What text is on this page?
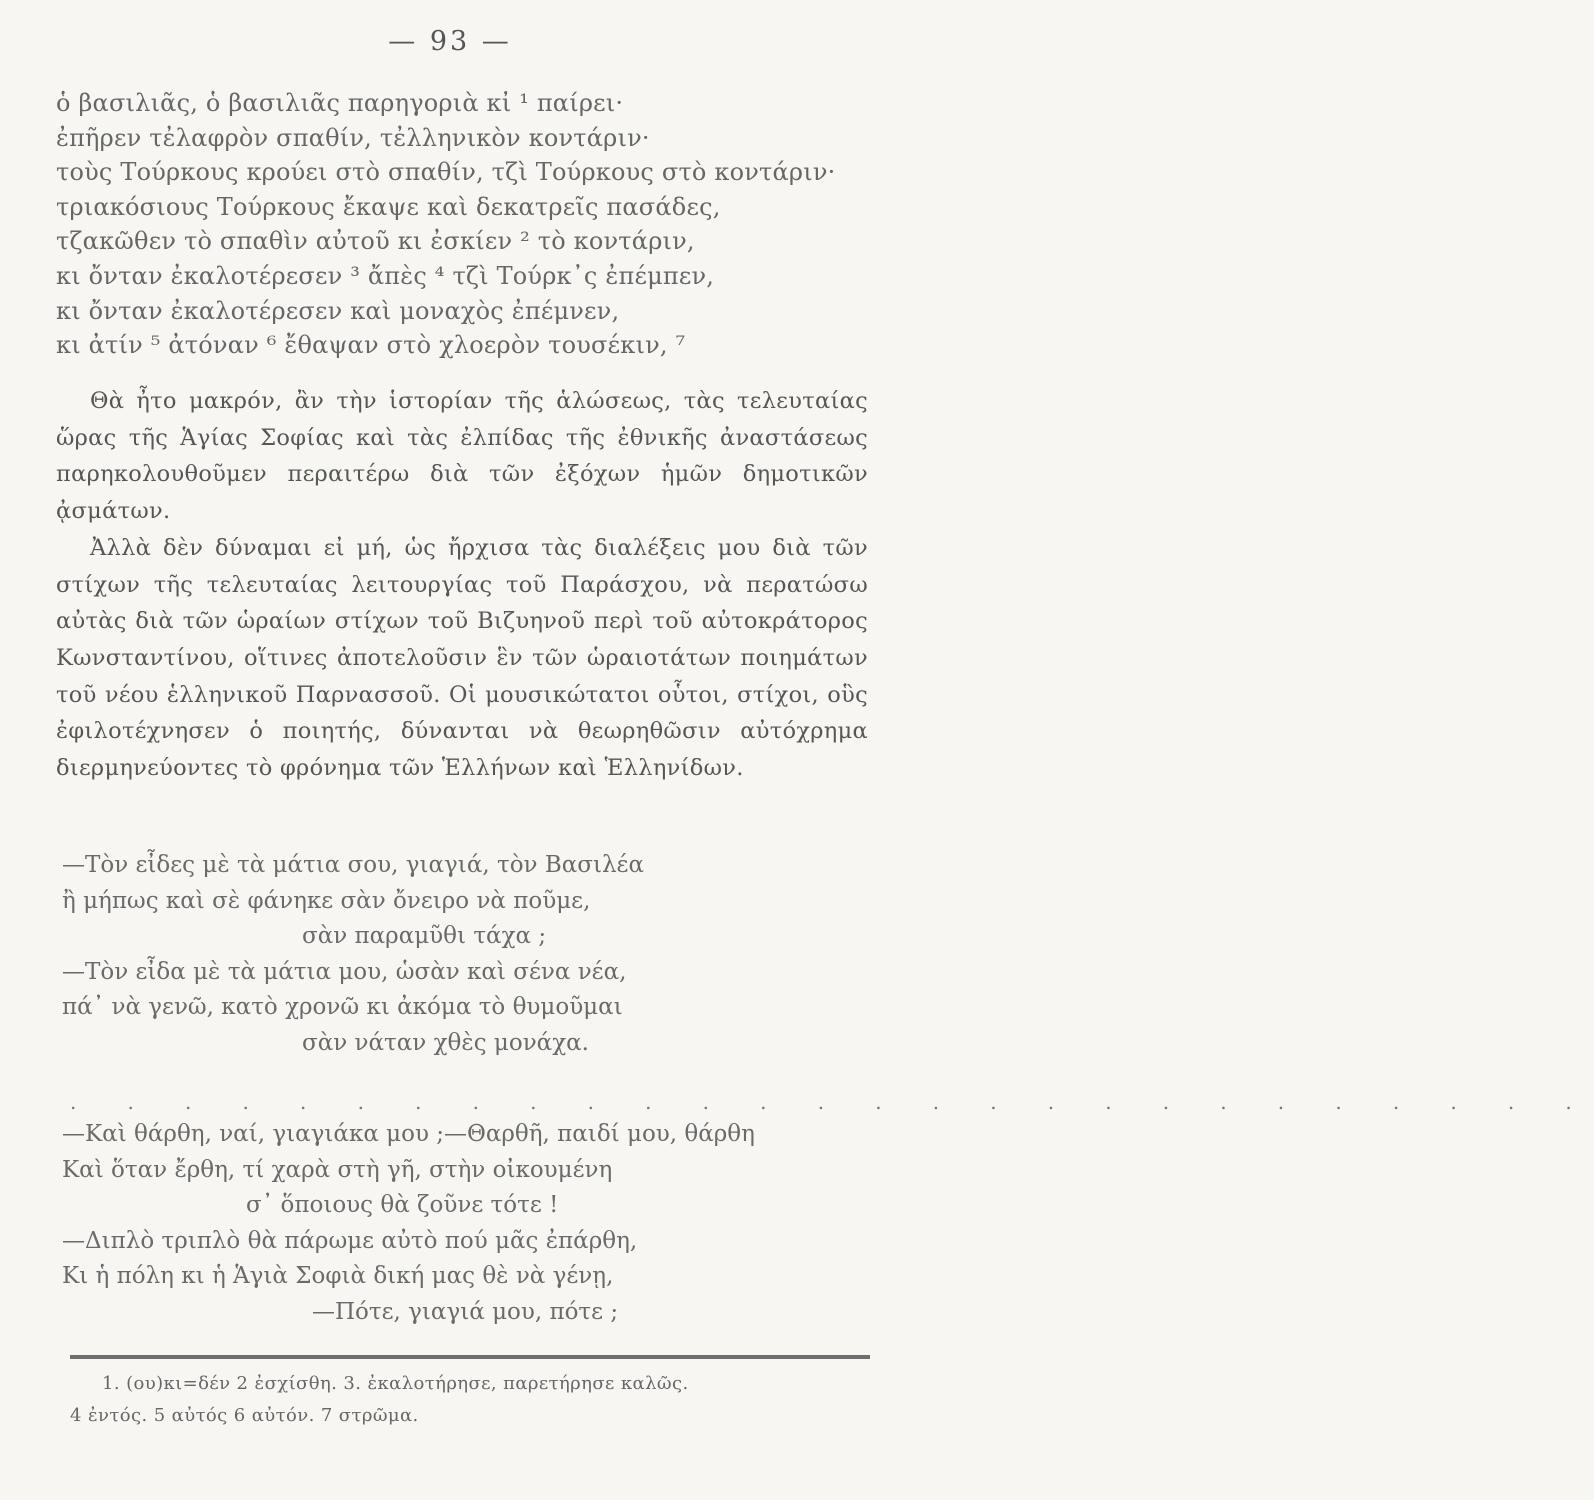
— 93 —
ὁ βασιλιᾶς, ὁ βασιλιᾶς παρηγοριὰ κἰ ¹ παίρει·
ἐπῆρεν τἐλαφρὸν σπαθίν, τἐλληνικὸν κοντάριν·
τοὺς Τούρκους κρούει στὸ σπαθίν, τζὶ Τούρκους στὸ κοντάριν·
τριακόσιους Τούρκους ἔκαψε καὶ δεκατρεῖς πασάδες,
τζακῶθεν τὸ σπαθὶν αὐτοῦ κι ἐσκίεν ² τὸ κοντάριν,
κι ὄνταν ἐκαλοτέρεσεν ³ ἄπὲς ⁴ τζὶ Τούρκ᾽ς ἐπέμπεν,
κι ὄνταν ἐκαλοτέρεσεν καὶ μοναχὸς ἐπέμνεν,
κι ἀτίν ⁵ ἀτόναν ⁶ ἔθαψαν στὸ χλοερὸν τουσέκιν, ⁷

Θὰ ἦτο μακρόν, ἂν τὴν ἱστορίαν τῆς ἁλώσεως, τὰς τελευταίας ὥρας τῆς Ἁγίας Σοφίας καὶ τὰς ἐλπίδας τῆς ἐθνικῆς ἀναστάσεως παρηκολουθοῦμεν περαιτέρω διὰ τῶν ἐξόχων ἡμῶν δημοτικῶν ᾀσμάτων.

Ἀλλὰ δὲν δύναμαι εἰ μή, ὡς ἤρχισα τὰς διαλέξεις μου διὰ τῶν στίχων τῆς τελευταίας λειτουργίας τοῦ Παράσχου, νὰ περατώσω αὐτὰς διὰ τῶν ὡραίων στίχων τοῦ Βιζυηνοῦ περὶ τοῦ αὐτοκράτορος Κωνσταντίνου, οἵτινες ἀποτελοῦσιν ἓν τῶν ὡραιοτάτων ποιημάτων τοῦ νέου ἑλληνικοῦ Παρνασσοῦ. Οἱ μουσικώτατοι οὗτοι, στίχοι, οὓς ἐφιλοτέχνησεν ὁ ποιητής, δύνανται νὰ θεωρηθῶσιν αὐτόχρημα διερμηνεύοντες τὸ φρόνημα τῶν Ἑλλήνων καὶ Ἑλληνίδων.

—Τὸν εἶδες μὲ τὰ μάτια σου, γιαγιά, τὸν Βασιλέα
ἢ μήπως καὶ σὲ φάνηκε σὰν ὄνειρο νὰ ποῦμε,
σὰν παραμῦθι τάχα ;
—Τὸν εἶδα μὲ τὰ μάτια μου, ὡσὰν καὶ σένα νέα,
πά᾽ νὰ γενῶ, κατὸ χρονῶ κι ἀκόμα τὸ θυμοῦμαι
σὰν νάταν χθὲς μονάχα.
. . . . . . . . . . . . . . . . . . . . . . . . . . .
—Καὶ θάρθη, ναί, γιαγιάκα μου ;—Θαρθῆ, παιδί μου, θάρθη
Καὶ ὅταν ἔρθη, τί χαρὰ στὴ γῆ, στὴν οἰκουμένη
σ᾽ ὅποιους θὰ ζοῦνε τότε !
—Διπλὸ τριπλὸ θὰ πάρωμε αὐτὸ πού μᾶς ἐπάρθη,
Κι ἡ πόλη κι ἡ Ἁγιὰ Σοφιὰ δική μας θὲ νὰ γένῃ,
—Πότε, γιαγιά μου, πότε ;
1. (ου)κι=δέν 2 ἐσχίσθη. 3. ἐκαλοτήρησε, παρετήρησε καλῶς.
4 ἐντός. 5 αὐτός 6 αὐτόν. 7 στρῶμα.
